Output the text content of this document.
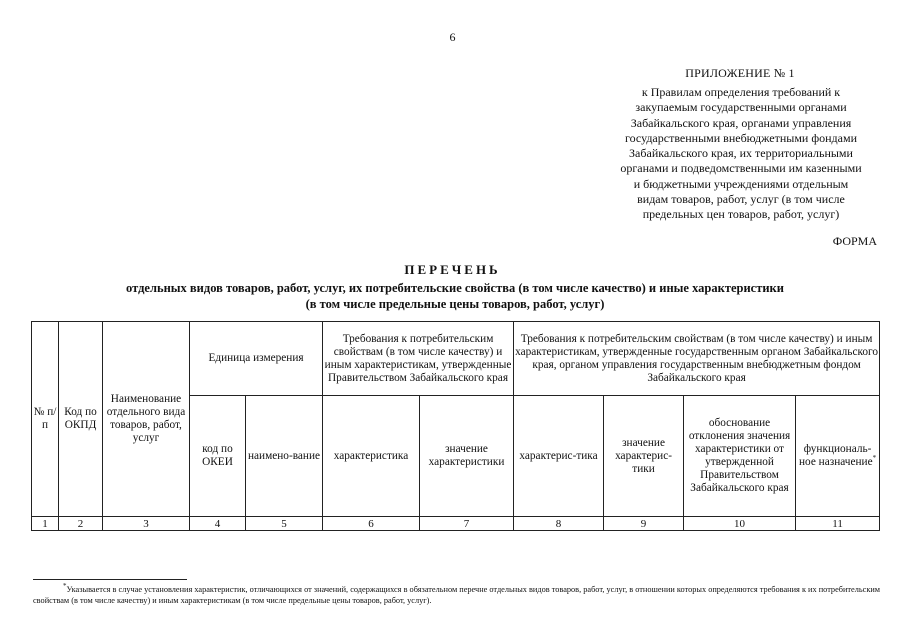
6
ПРИЛОЖЕНИЕ № 1
к Правилам определения требований к
закупаемым государственными органами
Забайкальского края, органами управления
государственными внебюджетными фондами
Забайкальского края, их территориальными
органами и подведомственными им казенными
и бюджетными учреждениями отдельным
видам товаров, работ, услуг (в том числе
предельных цен товаров, работ, услуг)
ФОРМА
ПЕРЕЧЕНЬ
отдельных видов товаров, работ, услуг, их потребительские свойства (в том числе качество) и иные характеристики
(в том числе предельные цены товаров, работ, услуг)
№ п/п	Код по ОКПД	Наименование отдельного вида товаров, работ, услуг	Единица измерения		Требования к потребительским свойствам (в том числе качеству) и иным характеристикам, утвержденные Правительством Забайкальского края		Требования к потребительским свойствам (в том числе качеству) и иным характеристикам, утвержденные государственным органом Забайкальского края, органом управления государственным внебюджетным фондом Забайкальского края			
			код по ОКЕИ	наимено-вание	характеристика	значение характеристики	характерис-тика	значение характерис-тики	обоснование отклонения значения характеристики от утвержденной Правительством Забайкальского края	функциональ-ное назначение*
1	2	3	4	5	6	7	8	9	10	11
*Указывается в случае установления характеристик, отличающихся от значений, содержащихся в обязательном перечне отдельных видов товаров, работ, услуг, в отношении которых определяются требования к их потребительским свойствам (в том числе качеству) и иным характеристикам (в том числе предельные цены товаров, работ, услуг).
